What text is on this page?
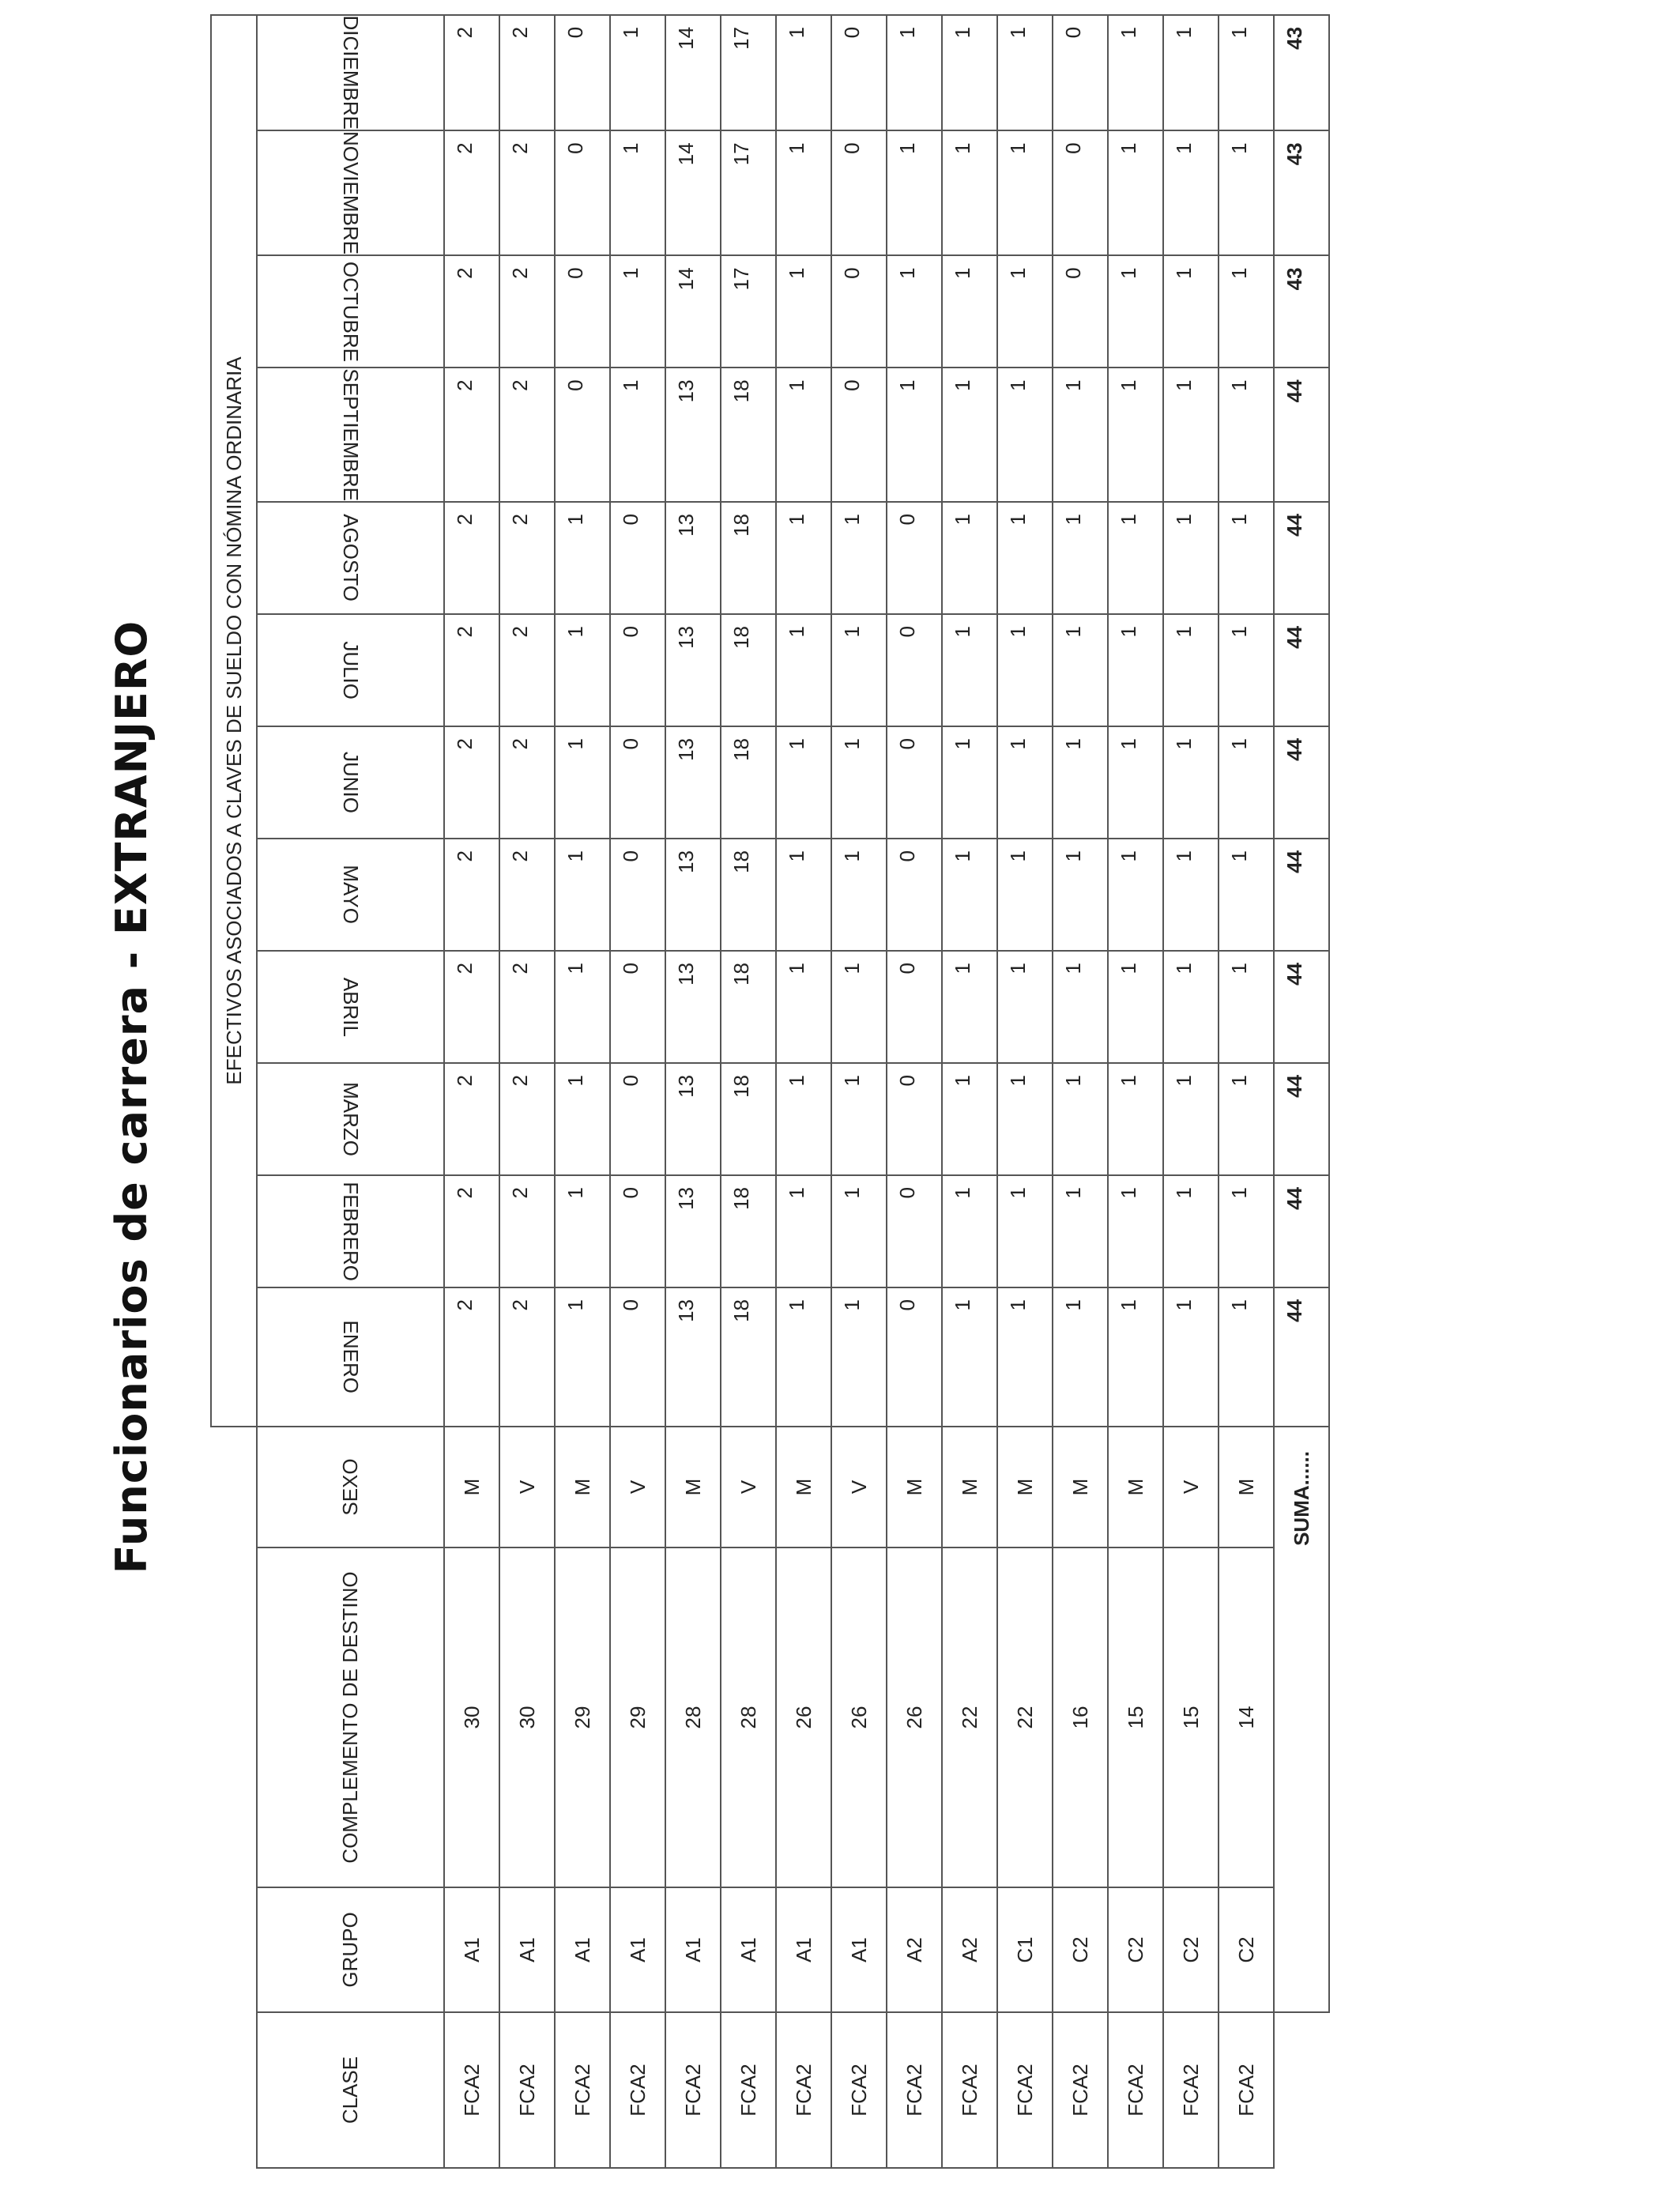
Funcionarios de carrera - EXTRANJERO
				EFECTIVOS ASOCIADOS A CLAVES DE SUELDO CON NÓMINA ORDINARIA											
CLASE	GRUPO	COMPLEMENTO DE DESTINO	SEXO	ENERO	FEBRERO	MARZO	ABRIL	MAYO	JUNIO	JULIO	AGOSTO	SEPTIEMBRE	OCTUBRE	NOVIEMBRE	DICIEMBRE
FCA2	A1	30	M	2	2	2	2	2	2	2	2	2	2	2	2
FCA2	A1	30	V	2	2	2	2	2	2	2	2	2	2	2	2
FCA2	A1	29	M	1	1	1	1	1	1	1	1	0	0	0	0
FCA2	A1	29	V	0	0	0	0	0	0	0	0	1	1	1	1
FCA2	A1	28	M	13	13	13	13	13	13	13	13	13	14	14	14
FCA2	A1	28	V	18	18	18	18	18	18	18	18	18	17	17	17
FCA2	A1	26	M	1	1	1	1	1	1	1	1	1	1	1	1
FCA2	A1	26	V	1	1	1	1	1	1	1	1	0	0	0	0
FCA2	A2	26	M	0	0	0	0	0	0	0	0	1	1	1	1
FCA2	A2	22	M	1	1	1	1	1	1	1	1	1	1	1	1
FCA2	C1	22	M	1	1	1	1	1	1	1	1	1	1	1	1
FCA2	C2	16	M	1	1	1	1	1	1	1	1	1	0	0	0
FCA2	C2	15	M	1	1	1	1	1	1	1	1	1	1	1	1
FCA2	C2	15	V	1	1	1	1	1	1	1	1	1	1	1	1
FCA2	C2	14	M	1	1	1	1	1	1	1	1	1	1	1	1
	SUMA......			44	44	44	44	44	44	44	44	44	43	43	43
